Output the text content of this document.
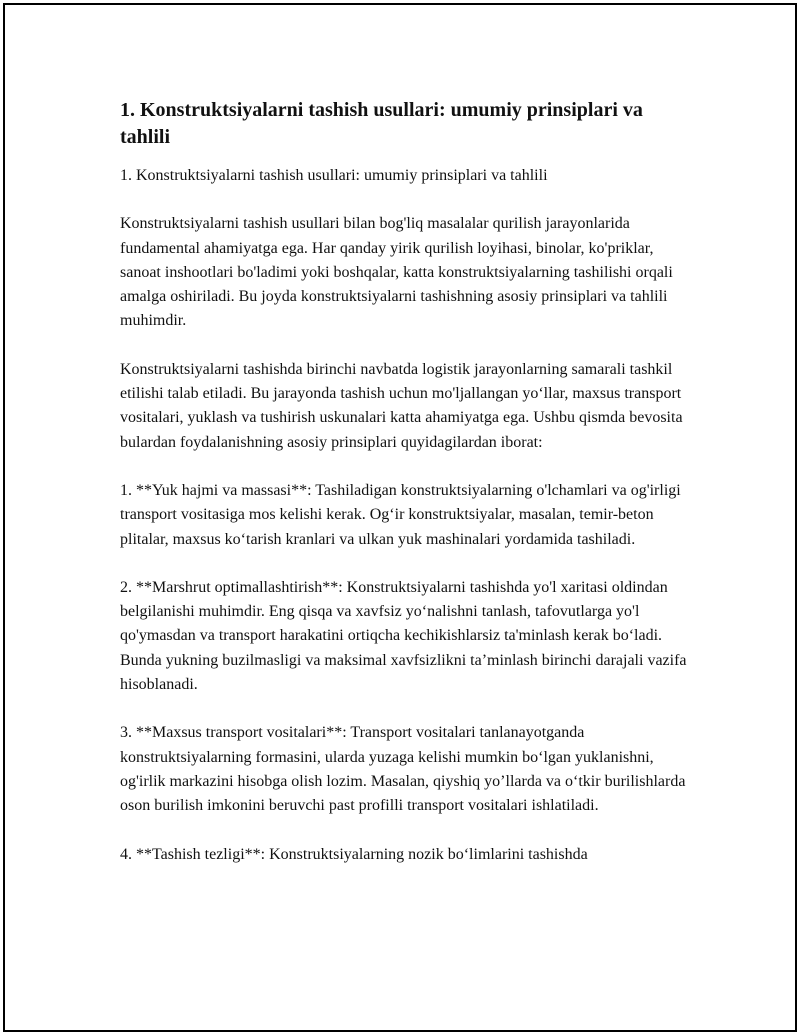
1. Konstruktsiyalarni tashish usullari: umumiy prinsiplari va tahlili

1. Konstruktsiyalarni tashish usullari: umumiy prinsiplari va tahlili

Konstruktsiyalarni tashish usullari bilan bog'liq masalalar qurilish jarayonlarida fundamental ahamiyatga ega. Har qanday yirik qurilish loyihasi, binolar, ko'priklar, sanoat inshootlari bo'ladimi yoki boshqalar, katta konstruktsiyalarning tashilishi orqali amalga oshiriladi. Bu joyda konstruktsiyalarni tashishning asosiy prinsiplari va tahlili muhimdir.

Konstruktsiyalarni tashishda birinchi navbatda logistik jarayonlarning samarali tashkil etilishi talab etiladi. Bu jarayonda tashish uchun mo'ljallangan yo‘llar, maxsus transport vositalari, yuklash va tushirish uskunalari katta ahamiyatga ega. Ushbu qismda bevosita bulardan foydalanishning asosiy prinsiplari quyidagilardan iborat:

1. **Yuk hajmi va massasi**: Tashiladigan konstruktsiyalarning o'lchamlari va og'irligi transport vositasiga mos kelishi kerak. Og‘ir konstruktsiyalar, masalan, temir-beton plitalar, maxsus ko‘tarish kranlari va ulkan yuk mashinalari yordamida tashiladi.

2. **Marshrut optimallashtirish**: Konstruktsiyalarni tashishda yo'l xaritasi oldindan belgilanishi muhimdir. Eng qisqa va xavfsiz yo‘nalishni tanlash, tafovutlarga yo'l qo'ymasdan va transport harakatini ortiqcha kechikishlarsiz ta'minlash kerak bo‘ladi. Bunda yukning buzilmasligi va maksimal xavfsizlikni ta’minlash birinchi darajali vazifa hisoblanadi.

3. **Maxsus transport vositalari**: Transport vositalari tanlanayotganda konstruktsiyalarning formasini, ularda yuzaga kelishi mumkin bo‘lgan yuklanishni, og'irlik markazini hisobga olish lozim. Masalan, qiyshiq yo’llarda va o‘tkir burilishlarda oson burilish imkonini beruvchi past profilli transport vositalari ishlatiladi.

4. **Tashish tezligi**: Konstruktsiyalarning nozik bo‘limlarini tashishda
